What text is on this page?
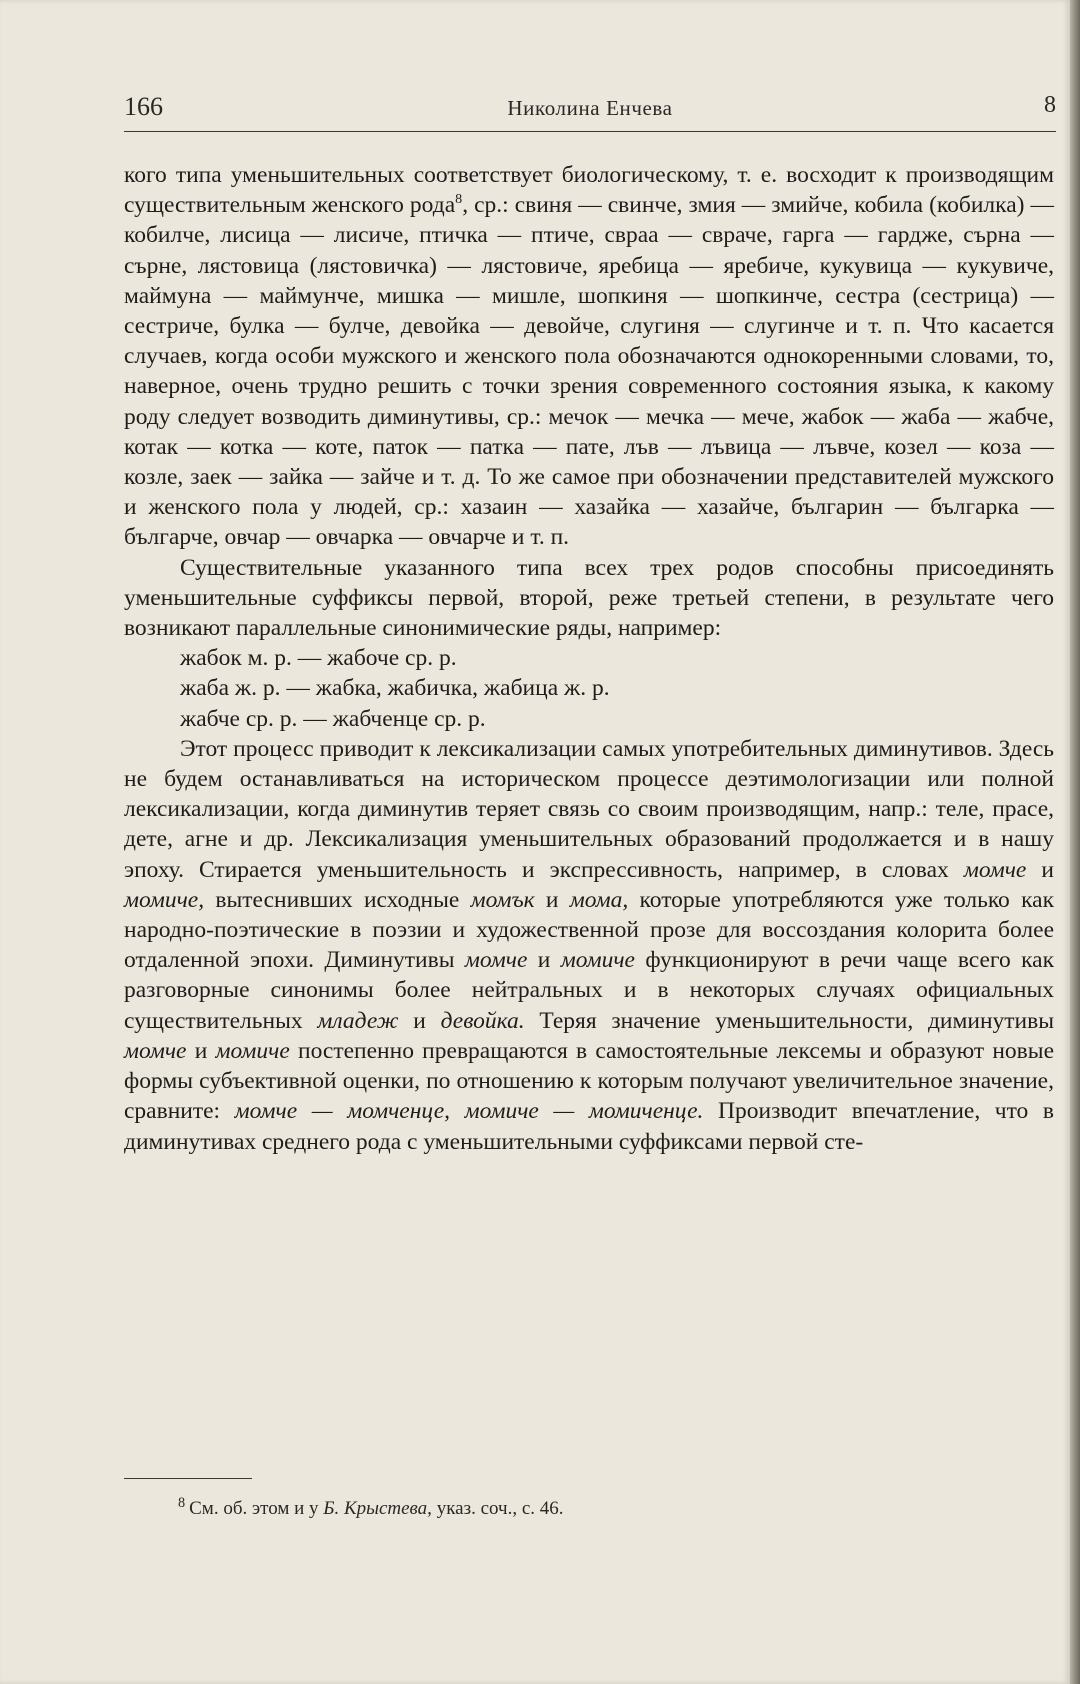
166	Николина Енчева	8

кого типа уменьшительных соответствует биологическому, т. е. восходит к производящим существительным женского рода$^8$, ср.: свиня — свинче, змия — змийче, кобила (кобилка) — кобилче, лисица — лисиче, птичка — птиче, свраа — сврачe, гарга — гардже, сърна — сърне, лястовица (лястовичка) — лястовиче, яребица — яребиче, кукувица — кукувиче, маймуна — маймунче, мишка — мишле, шопкиня — шопкинче, сестра (сестрица) — сестриче, булка — булче, девойка — девойче, слугиня — слугинче и т. п. Что касается случаев, когда особи мужского и женского пола обозначаются однокоренными словами, то, наверное, очень трудно решить с точки зрения современного состояния языка, к какому роду следует возводить диминутивы, ср.: мечок — мечка — мече, жабок — жаба — жабче, котак — котка — коте, паток — патка — пате, лъв — лъвица — лъвче, козел — коза — козле, заек — зайка — зайче и т. д. То же самое при обозначении представителей мужского и женского пола у людей, ср.: хазаин — хазайка — хазайче, българин — българка — българче, овчар — овчарка — овчарче и т. п.

Существительные указанного типа всех трех родов способны присоединять уменьшительные суффиксы первой, второй, реже третьей степени, в результате чего возникают параллельные синонимические ряды, например:

жабок м. р. — жабоче ср. р.

жаба ж. р. — жабка, жабичка, жабица ж. р.

жабче ср. р. — жабченце ср. р.

Этот процесс приводит к лексикализации самых употребительных диминутивов. Здесь не будем останавливаться на историческом процессе деэтимологизации или полной лексикализации, когда диминутив теряет связь со своим производящим, напр.: теле, прасе, дете, агне и др. Лексикализация уменьшительных образований продолжается и в нашу эпоху. Стирается уменьшительность и экспрессивность, например, в словах момче и момиче, вытеснивших исходные момък и мома, которые употребляются уже только как народно-поэтические в поэзии и художественной прозе для воссоздания колорита более отдаленной эпохи. Диминутивы момче и момиче функционируют в речи чаще всего как разговорные синонимы более нейтральных и в некоторых случаях официальных существительных младеж и девойка. Теряя значение уменьшительности, диминутивы момче и момиче постепенно превращаются в самостоятельные лексемы и образуют новые формы субъективной оценки, по отношению к которым получают увеличительное значение, сравните: момче — момченце, момиче — момиченце. Производит впечатление, что в диминутивах среднего рода с уменьшительными суффиксами первой сте-

$^8$ См. об. этом и у Б. Крыстева, указ. соч., с. 46.
